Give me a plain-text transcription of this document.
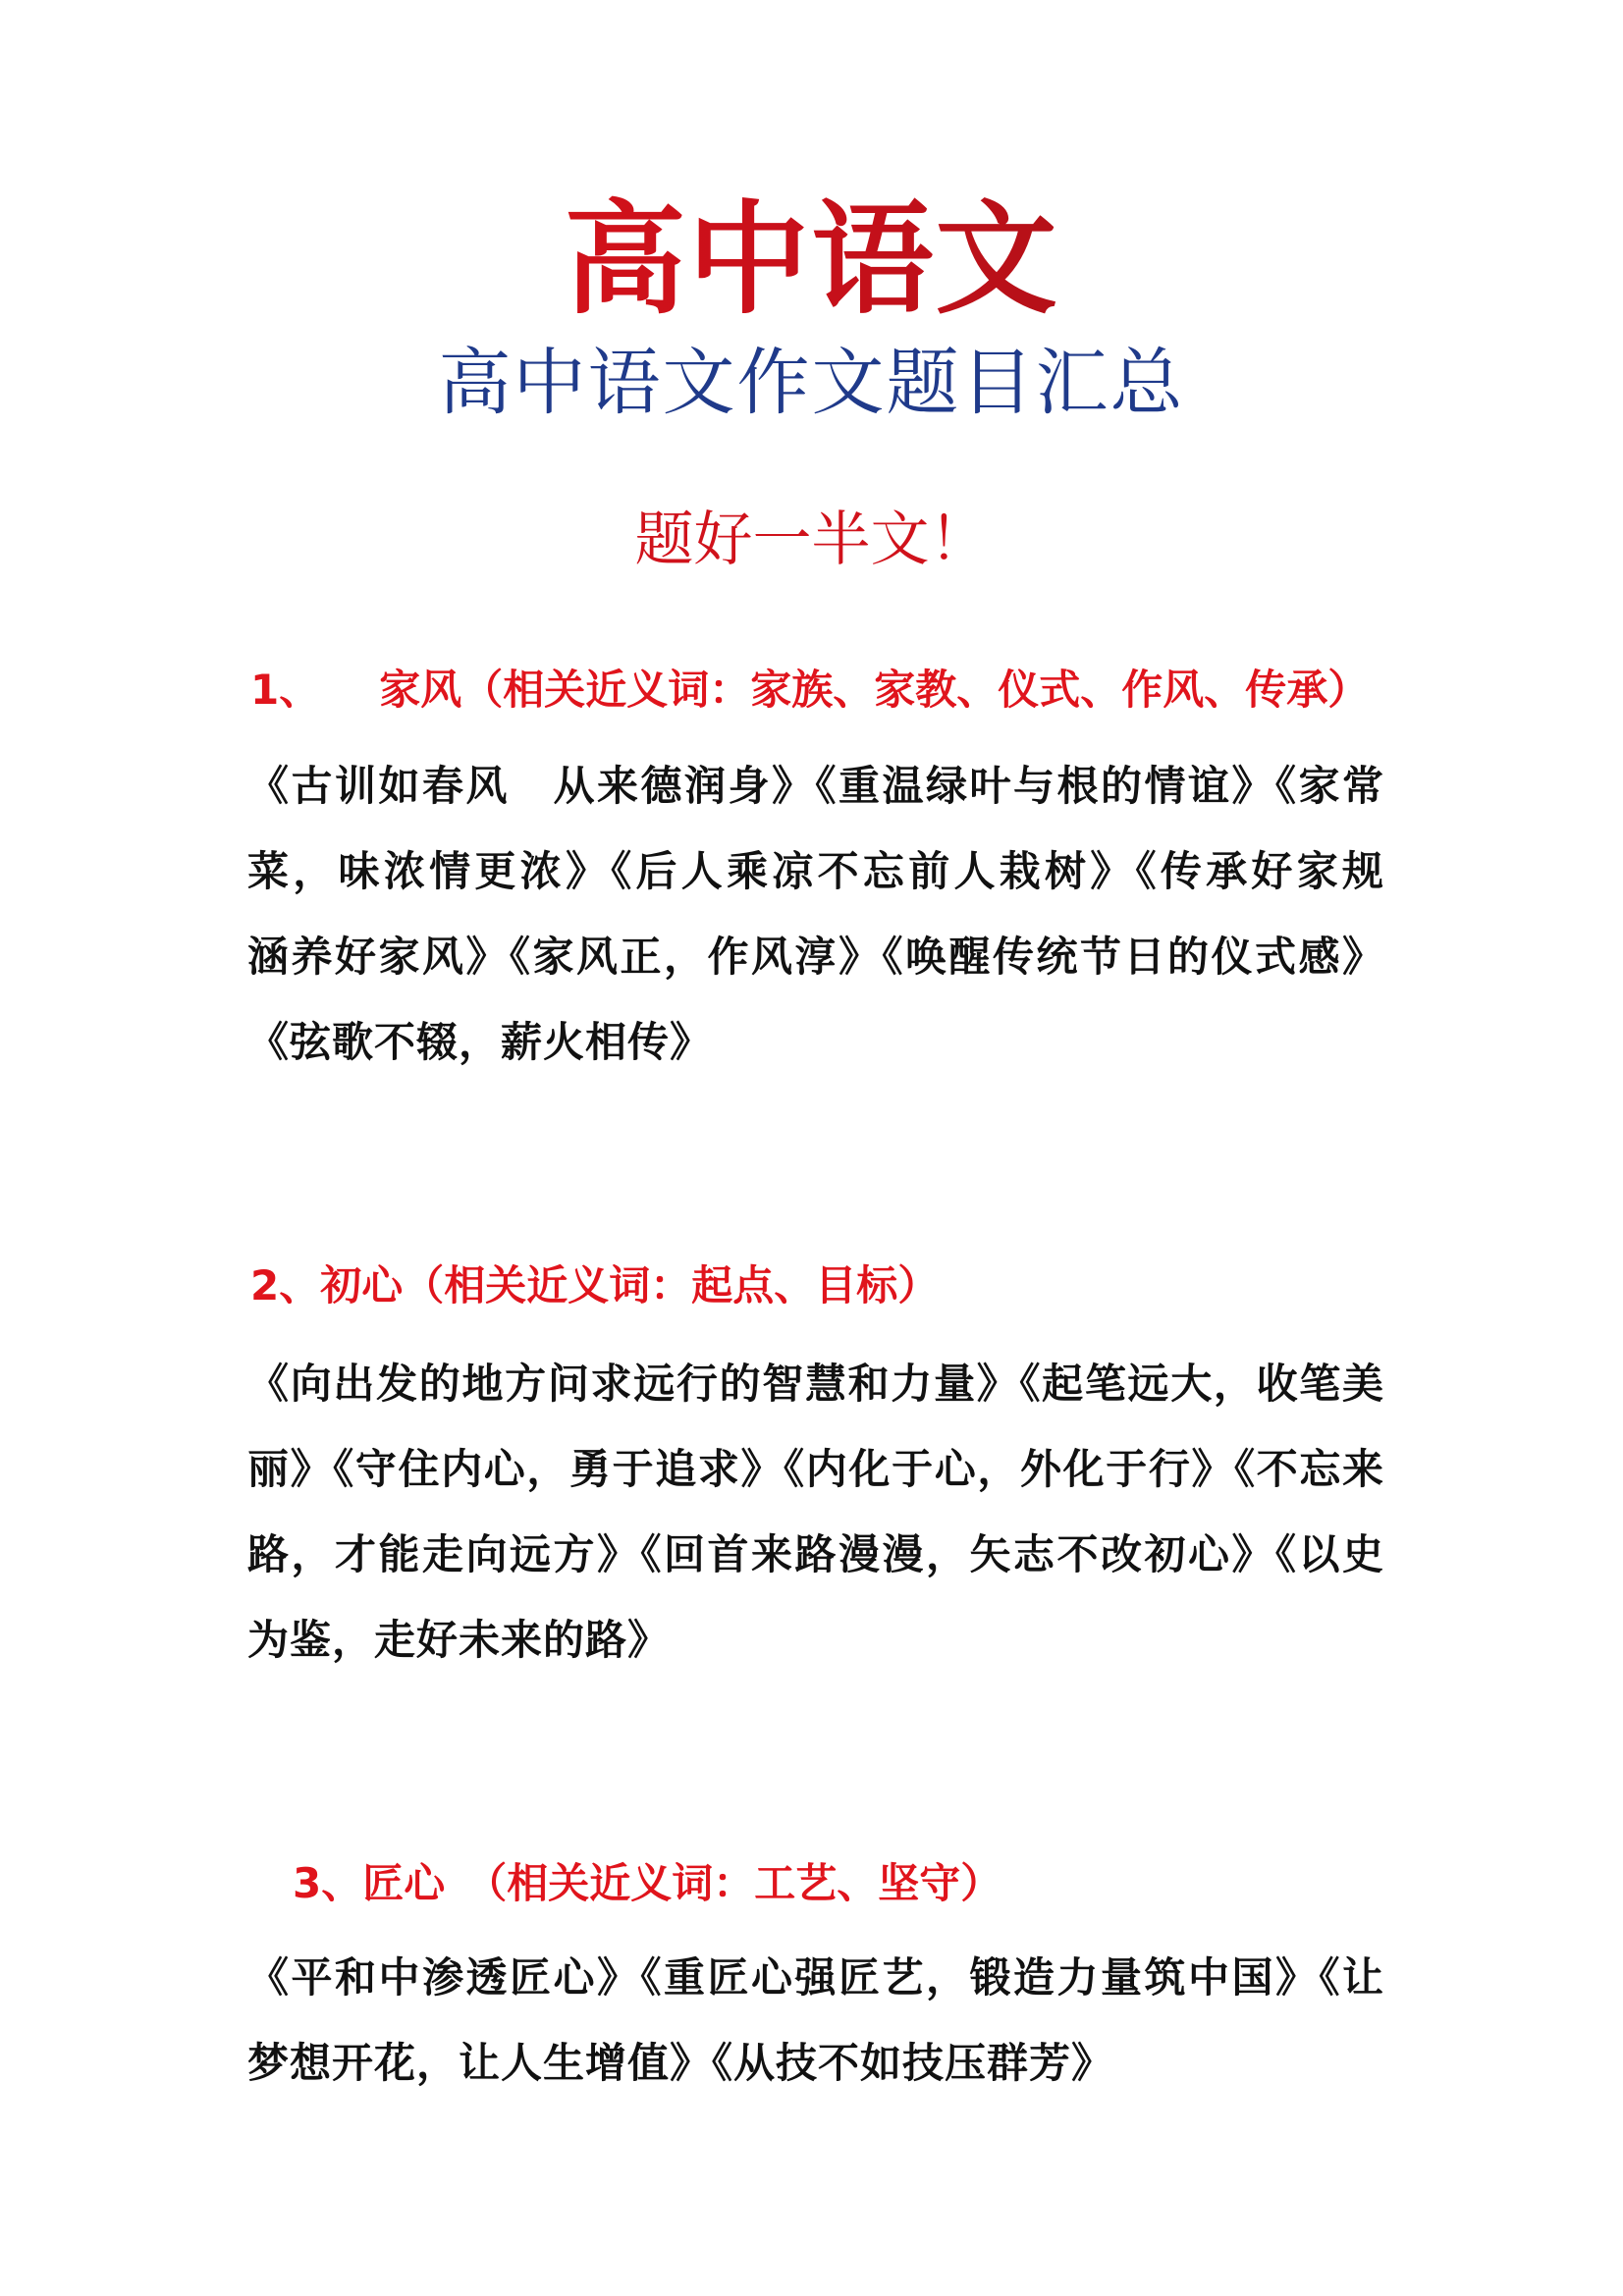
高中语文
高中语文作文题目汇总
题好一半文！
1、 家风（相关近义词：家族、家教、仪式、作风、传承）
《古训如春风　从来德润身》《重温绿叶与根的情谊》《家常菜，味浓情更浓》《后人乘凉不忘前人栽树》《传承好家规　涵养好家风》《家风正，作风淳》《唤醒传统节日的仪式感》《弦歌不辍，薪火相传》
2、初心（相关近义词：起点、目标）
《向出发的地方问求远行的智慧和力量》《起笔远大，收笔美丽》《守住内心，勇于追求》《内化于心，外化于行》《不忘来路，才能走向远方》《回首来路漫漫，矢志不改初心》《以史为鉴，走好未来的路》
3、匠心　（相关近义词：工艺、坚守）
《平和中渗透匠心》《重匠心强匠艺，锻造力量筑中国》《让梦想开花，让人生增值》《从技不如技压群芳》
